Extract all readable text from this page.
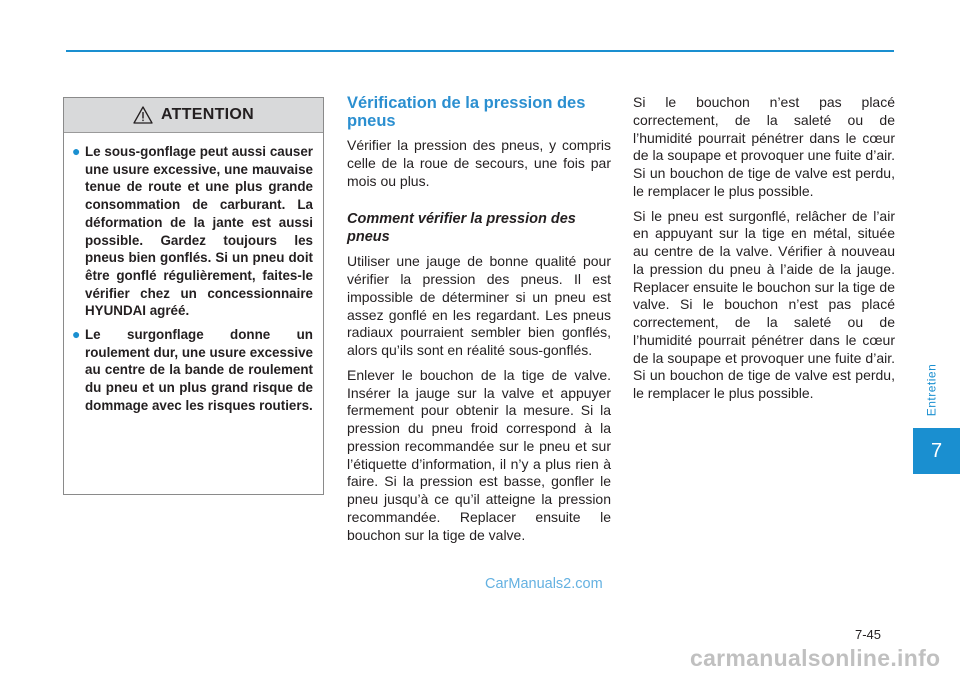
Entretien
7
ATTENTION
● Le sous-gonflage peut aussi causer une usure excessive, une mauvaise tenue de route et une plus grande consommation de carburant. La déformation de la jante est aussi possible. Gardez toujours les pneus bien gonflés. Si un pneu doit être gonflé régulièrement, faites-le vérifier chez un concessionnaire HYUNDAI agréé.
● Le surgonflage donne un roulement dur, une usure excessive au centre de la bande de roulement du pneu et un plus grand risque de dommage avec les risques routiers.
Vérification de la pression des pneus

Vérifier la pression des pneus, y compris celle de la roue de secours, une fois par mois ou plus.

Comment vérifier la pression des pneus

Utiliser une jauge de bonne qualité pour vérifier la pression des pneus. Il est impossible de déterminer si un pneu est assez gonflé en les regardant. Les pneus radiaux pourraient sembler bien gonflés, alors qu’ils sont en réalité sous-gonflés.

Enlever le bouchon de la tige de valve. Insérer la jauge sur la valve et appuyer fermement pour obtenir la mesure. Si la pression du pneu froid correspond à la pression recommandée sur le pneu et sur l’étiquette d’information, il n’y a plus rien à faire. Si la pression est basse, gonfler le pneu jusqu’à ce qu’il atteigne la pression recommandée. Replacer ensuite le bouchon sur la tige de valve.

Si le bouchon n’est pas placé correctement, de la saleté ou de l’humidité pourrait pénétrer dans le cœur de la soupape et provoquer une fuite d’air. Si un bouchon de tige de valve est perdu, le remplacer le plus possible.

Si le pneu est surgonflé, relâcher de l’air en appuyant sur la tige en métal, située au centre de la valve. Vérifier à nouveau la pression du pneu à l’aide de la jauge. Replacer ensuite le bouchon sur la tige de valve. Si le bouchon n’est pas placé correctement, de la saleté ou de l’humidité pourrait pénétrer dans le cœur de la soupape et provoquer une fuite d’air. Si un bouchon de tige de valve est perdu, le remplacer le plus possible.

7-45
CarManuals2.com
carmanualsonline.info
